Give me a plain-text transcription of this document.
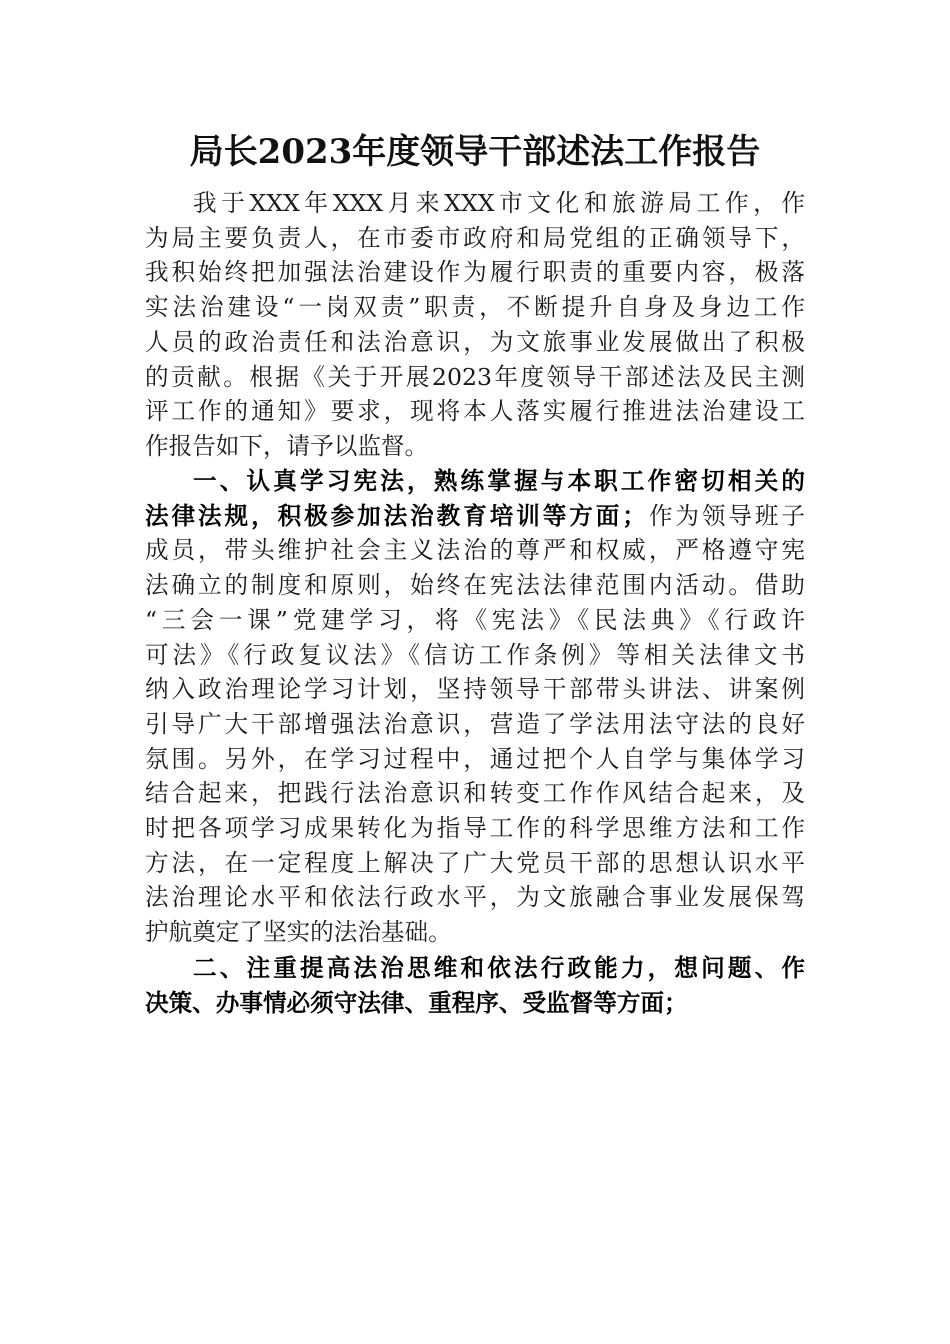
局长2023年度领导干部述法工作报告
我于XXX年XXX月来XXX市文化和旅游局工作，作
为局主要负责人，在市委市政府和局党组的正确领导下，
我积始终把加强法治建设作为履行职责的重要内容，极落
实法治建设“一岗双责”职责，不断提升自身及身边工作
人员的政治责任和法治意识，为文旅事业发展做出了积极
的贡献。根据《关于开展2023年度领导干部述法及民主测
评工作的通知》要求，现将本人落实履行推进法治建设工
作报告如下，请予以监督。
一、认真学习宪法，熟练掌握与本职工作密切相关的
法律法规，积极参加法治教育培训等方面；作为领导班子
成员，带头维护社会主义法治的尊严和权威，严格遵守宪
法确立的制度和原则，始终在宪法法律范围内活动。借助
“三会一课”党建学习，将《宪法》《民法典》《行政许
可法》《行政复议法》《信访工作条例》等相关法律文书
纳入政治理论学习计划，坚持领导干部带头讲法、讲案例
引导广大干部增强法治意识，营造了学法用法守法的良好
氛围。另外，在学习过程中，通过把个人自学与集体学习
结合起来，把践行法治意识和转变工作作风结合起来，及
时把各项学习成果转化为指导工作的科学思维方法和工作
方法，在一定程度上解决了广大党员干部的思想认识水平
法治理论水平和依法行政水平，为文旅融合事业发展保驾
护航奠定了坚实的法治基础。
二、注重提高法治思维和依法行政能力，想问题、作
决策、办事情必须守法律、重程序、受监督等方面；
